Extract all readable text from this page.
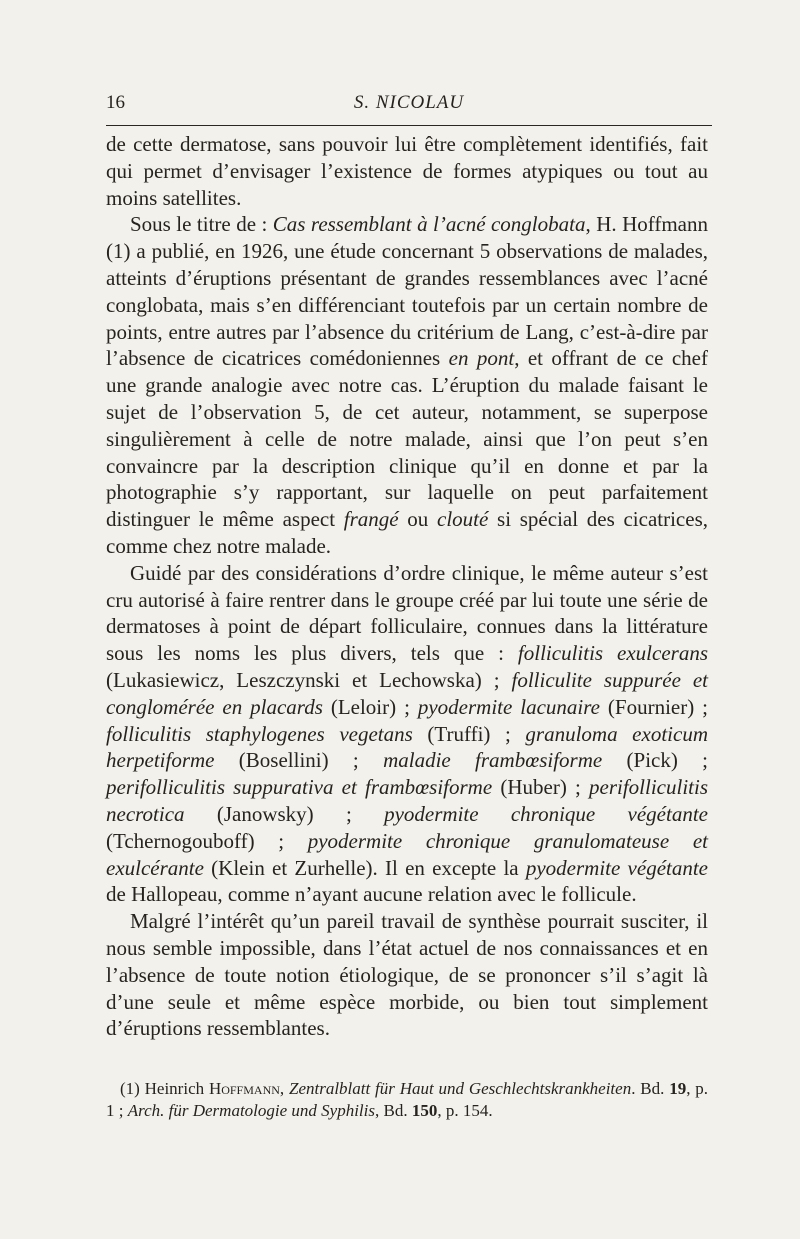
16	S. NICOLAU

de cette dermatose, sans pouvoir lui être complètement identifiés, fait qui permet d’envisager l’existence de formes atypiques ou tout au moins satellites.

Sous le titre de : Cas ressemblant à l’acné conglobata, H. Hoffmann (1) a publié, en 1926, une étude concernant 5 observations de malades, atteints d’éruptions présentant de grandes ressemblances avec l’acné conglobata, mais s’en différenciant toutefois par un certain nombre de points, entre autres par l’absence du critérium de Lang, c’est-à-dire par l’absence de cicatrices comédoniennes en pont, et offrant de ce chef une grande analogie avec notre cas. L’éruption du malade faisant le sujet de l’observation 5, de cet auteur, notamment, se superpose singulièrement à celle de notre malade, ainsi que l’on peut s’en convaincre par la description clinique qu’il en donne et par la photographie s’y rapportant, sur laquelle on peut parfaitement distinguer le même aspect frangé ou clouté si spécial des cicatrices, comme chez notre malade.

Guidé par des considérations d’ordre clinique, le même auteur s’est cru autorisé à faire rentrer dans le groupe créé par lui toute une série de dermatoses à point de départ folliculaire, connues dans la littérature sous les noms les plus divers, tels que : folliculitis exulcerans (Lukasiewicz, Leszczynski et Lechowska) ; folliculite suppurée et conglomérée en placards (Leloir) ; pyodermite lacunaire (Fournier) ; folliculitis staphylogenes vegetans (Truffi) ; granuloma exoticum herpetiforme (Bosellini) ; maladie frambœsiforme (Pick) ; perifolliculitis suppurativa et frambœsiforme (Huber) ; perifolliculitis necrotica (Janowsky) ; pyodermite chronique végétante (Tchernogouboff) ; pyodermite chronique granulomateuse et exulcérante (Klein et Zurhelle). Il en excepte la pyodermite végétante de Hallopeau, comme n’ayant aucune relation avec le follicule.

Malgré l’intérêt qu’un pareil travail de synthèse pourrait susciter, il nous semble impossible, dans l’état actuel de nos connaissances et en l’absence de toute notion étiologique, de se prononcer s’il s’agit là d’une seule et même espèce morbide, ou bien tout simplement d’éruptions ressemblantes.

(1) Heinrich Hoffmann, Zentralblatt für Haut und Geschlechtskrankheiten. Bd. 19, p. 1 ; Arch. für Dermatologie und Syphilis, Bd. 150, p. 154.
